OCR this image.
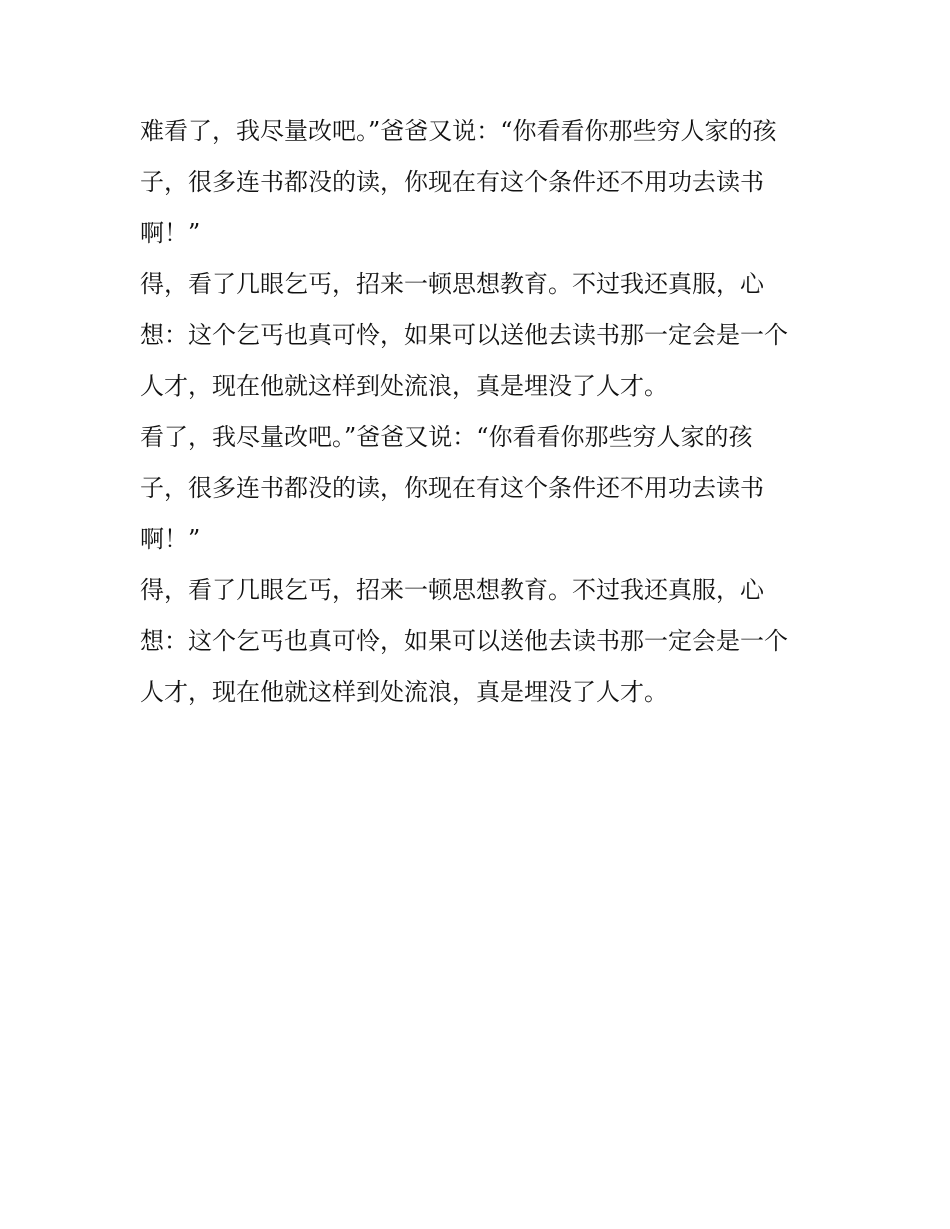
难看了，我尽量改吧。”爸爸又说：“你看看你那些穷人家的孩
子，很多连书都没的读，你现在有这个条件还不用功去读书
啊！”
得，看了几眼乞丐，招来一顿思想教育。不过我还真服，心
想：这个乞丐也真可怜，如果可以送他去读书那一定会是一个
人才，现在他就这样到处流浪，真是埋没了人才。
看了，我尽量改吧。”爸爸又说：“你看看你那些穷人家的孩
子，很多连书都没的读，你现在有这个条件还不用功去读书
啊！”
得，看了几眼乞丐，招来一顿思想教育。不过我还真服，心
想：这个乞丐也真可怜，如果可以送他去读书那一定会是一个
人才，现在他就这样到处流浪，真是埋没了人才。
